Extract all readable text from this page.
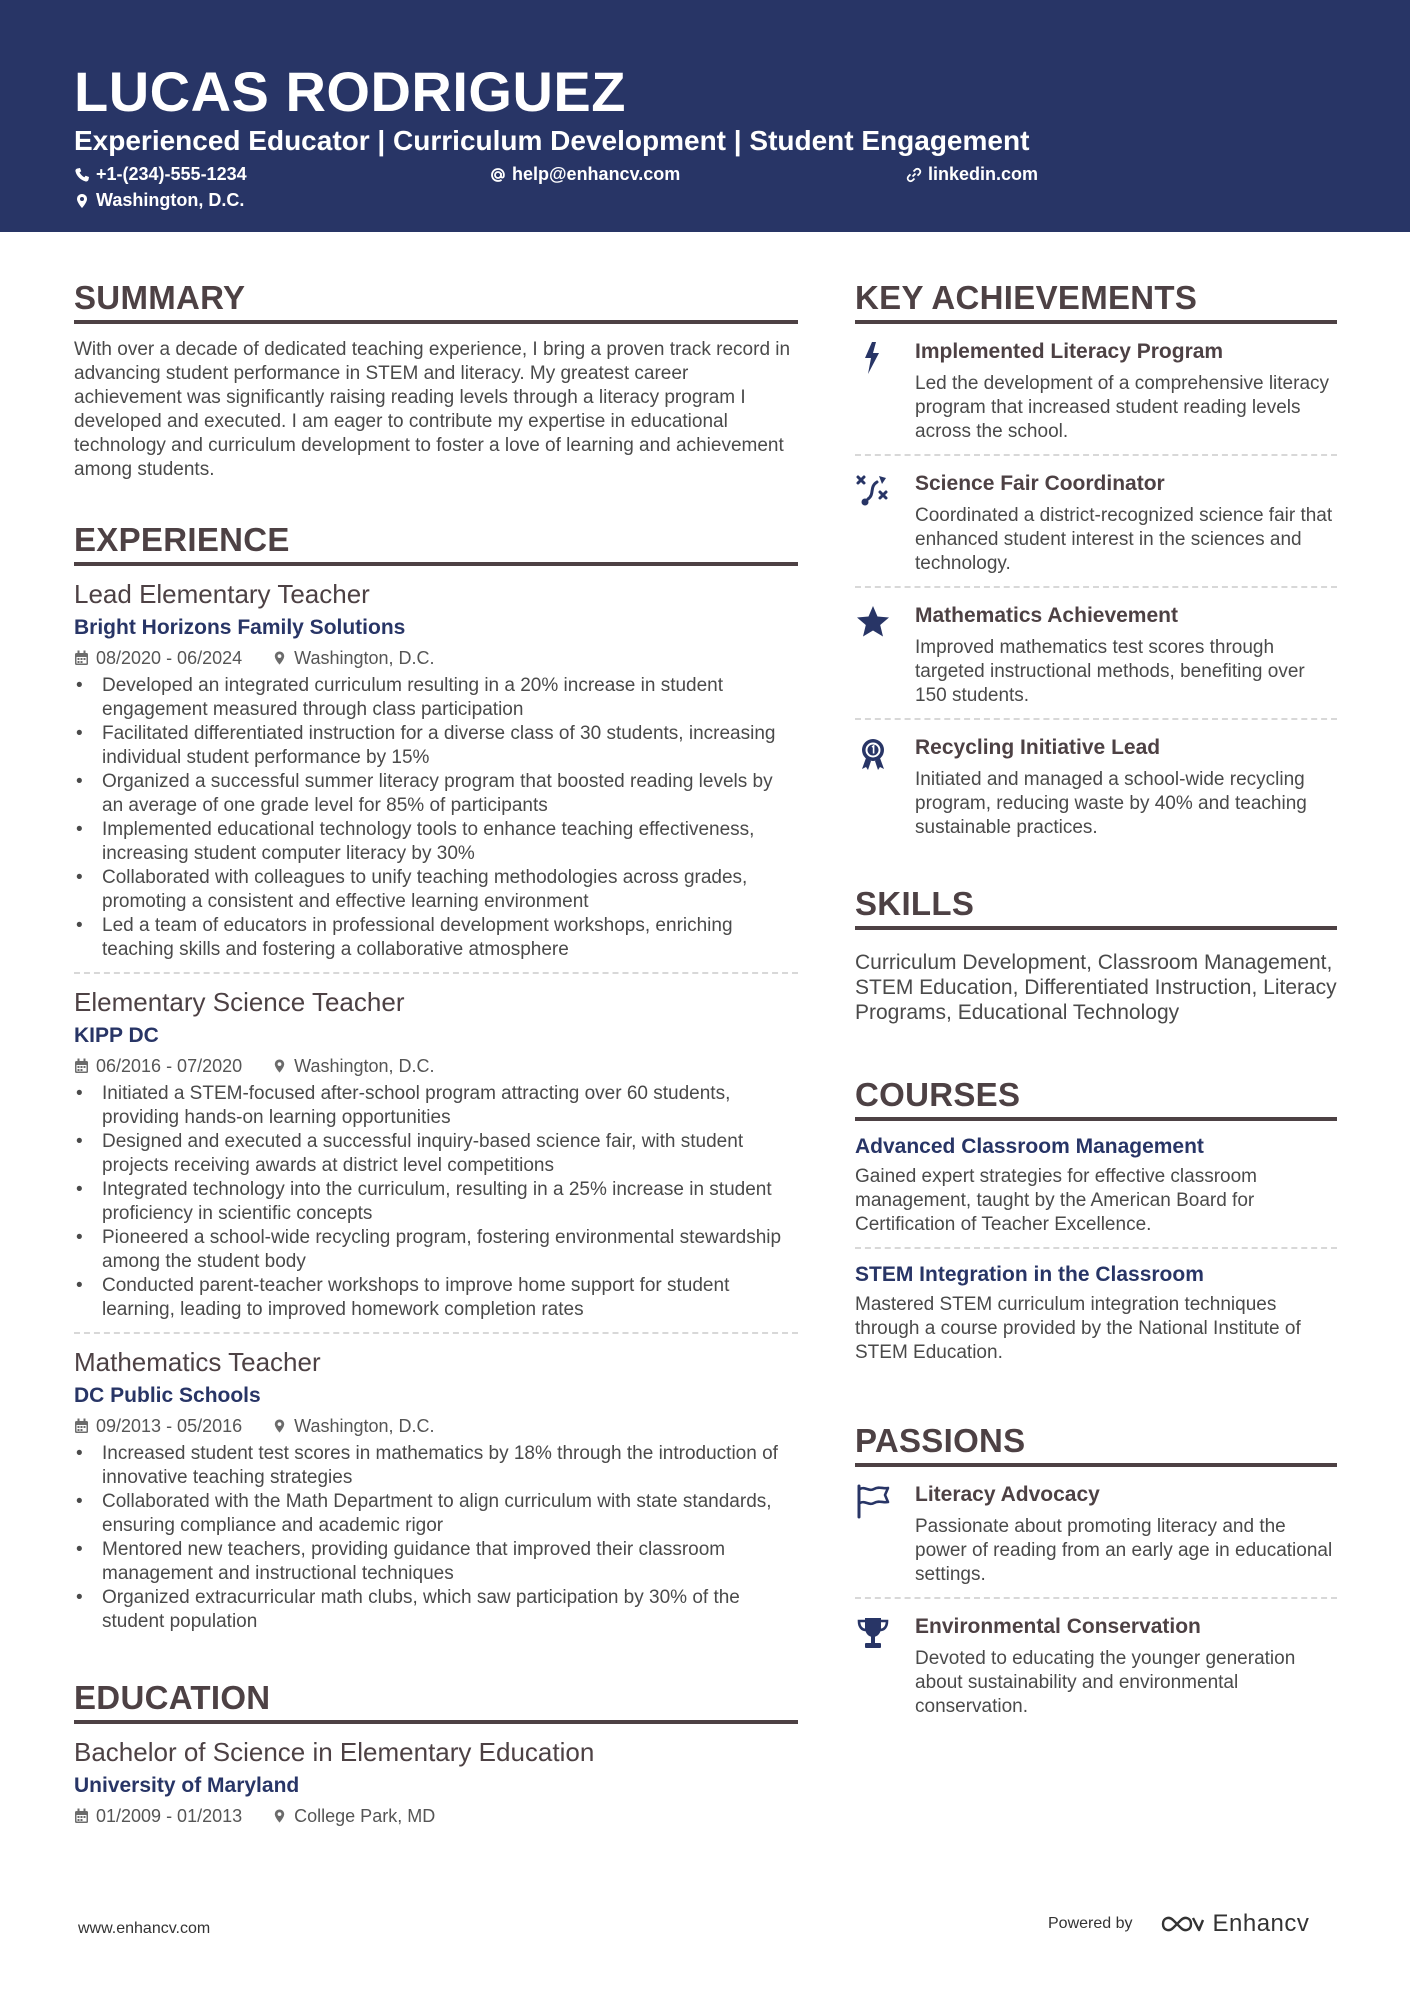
LUCAS RODRIGUEZ
Experienced Educator | Curriculum Development | Student Engagement
+1-(234)-555-1234	help@enhancv.com	linkedin.com
Washington, D.C.
SUMMARY

With over a decade of dedicated teaching experience, I bring a proven track record in advancing student performance in STEM and literacy. My greatest career achievement was significantly raising reading levels through a literacy program I developed and executed. I am eager to contribute my expertise in educational technology and curriculum development to foster a love of learning and achievement among students.

EXPERIENCE
Lead Elementary Teacher
Bright Horizons Family Solutions
08/2020 - 06/2024	Washington, D.C.
• Developed an integrated curriculum resulting in a 20% increase in student engagement measured through class participation
• Facilitated differentiated instruction for a diverse class of 30 students, increasing individual student performance by 15%
• Organized a successful summer literacy program that boosted reading levels by an average of one grade level for 85% of participants
• Implemented educational technology tools to enhance teaching effectiveness, increasing student computer literacy by 30%
• Collaborated with colleagues to unify teaching methodologies across grades, promoting a consistent and effective learning environment
• Led a team of educators in professional development workshops, enriching teaching skills and fostering a collaborative atmosphere
Elementary Science Teacher
KIPP DC
06/2016 - 07/2020	Washington, D.C.
• Initiated a STEM-focused after-school program attracting over 60 students, providing hands-on learning opportunities
• Designed and executed a successful inquiry-based science fair, with student projects receiving awards at district level competitions
• Integrated technology into the curriculum, resulting in a 25% increase in student proficiency in scientific concepts
• Pioneered a school-wide recycling program, fostering environmental stewardship among the student body
• Conducted parent-teacher workshops to improve home support for student learning, leading to improved homework completion rates
Mathematics Teacher
DC Public Schools
09/2013 - 05/2016	Washington, D.C.
• Increased student test scores in mathematics by 18% through the introduction of innovative teaching strategies
• Collaborated with the Math Department to align curriculum with state standards, ensuring compliance and academic rigor
• Mentored new teachers, providing guidance that improved their classroom management and instructional techniques
• Organized extracurricular math clubs, which saw participation by 30% of the student population
EDUCATION
Bachelor of Science in Elementary Education
University of Maryland
01/2009 - 01/2013	College Park, MD
KEY ACHIEVEMENTS
Implemented Literacy Program
Led the development of a comprehensive literacy program that increased student reading levels across the school.
Science Fair Coordinator
Coordinated a district-recognized science fair that enhanced student interest in the sciences and technology.
Mathematics Achievement
Improved mathematics test scores through targeted instructional methods, benefiting over 150 students.
Recycling Initiative Lead
Initiated and managed a school-wide recycling program, reducing waste by 40% and teaching sustainable practices.
SKILLS

Curriculum Development, Classroom Management, STEM Education, Differentiated Instruction, Literacy Programs, Educational Technology

COURSES
Advanced Classroom Management
Gained expert strategies for effective classroom management, taught by the American Board for Certification of Teacher Excellence.
STEM Integration in the Classroom
Mastered STEM curriculum integration techniques through a course provided by the National Institute of STEM Education.
PASSIONS
Literacy Advocacy
Passionate about promoting literacy and the power of reading from an early age in educational settings.
Environmental Conservation
Devoted to educating the younger generation about sustainability and environmental conservation.
www.enhancv.com	Powered by	Enhancv
